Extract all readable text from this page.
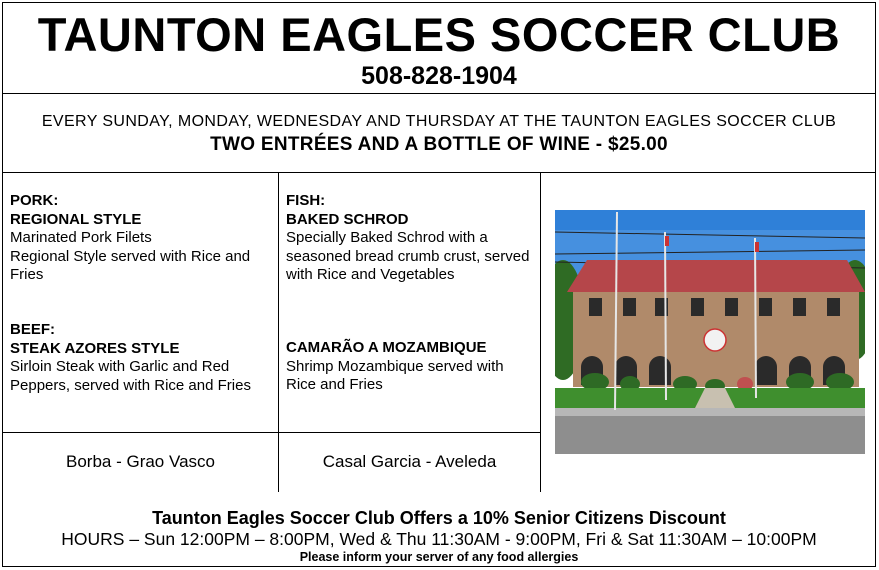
TAUNTON EAGLES SOCCER CLUB
508-828-1904
EVERY SUNDAY, MONDAY, WEDNESDAY AND THURSDAY AT THE TAUNTON EAGLES SOCCER CLUB
TWO ENTRÉES AND A BOTTLE OF WINE - $25.00
PORK:
REGIONAL STYLE
Marinated Pork Filets
Regional Style served with Rice and Fries
BEEF:
STEAK AZORES STYLE
Sirloin Steak with Garlic and Red Peppers, served with Rice and Fries
Borba - Grao Vasco
FISH:
BAKED SCHROD
Specially Baked Schrod with a seasoned bread crumb crust, served with Rice and Vegetables
CAMARÃO A MOZAMBIQUE
Shrimp Mozambique served with Rice and Fries
Casal Garcia - Aveleda
Taunton Eagles Soccer Club Offers a 10% Senior Citizens Discount
HOURS – Sun 12:00PM – 8:00PM, Wed & Thu 11:30AM - 9:00PM, Fri & Sat 11:30AM – 10:00PM
Please inform your server of any food allergies
